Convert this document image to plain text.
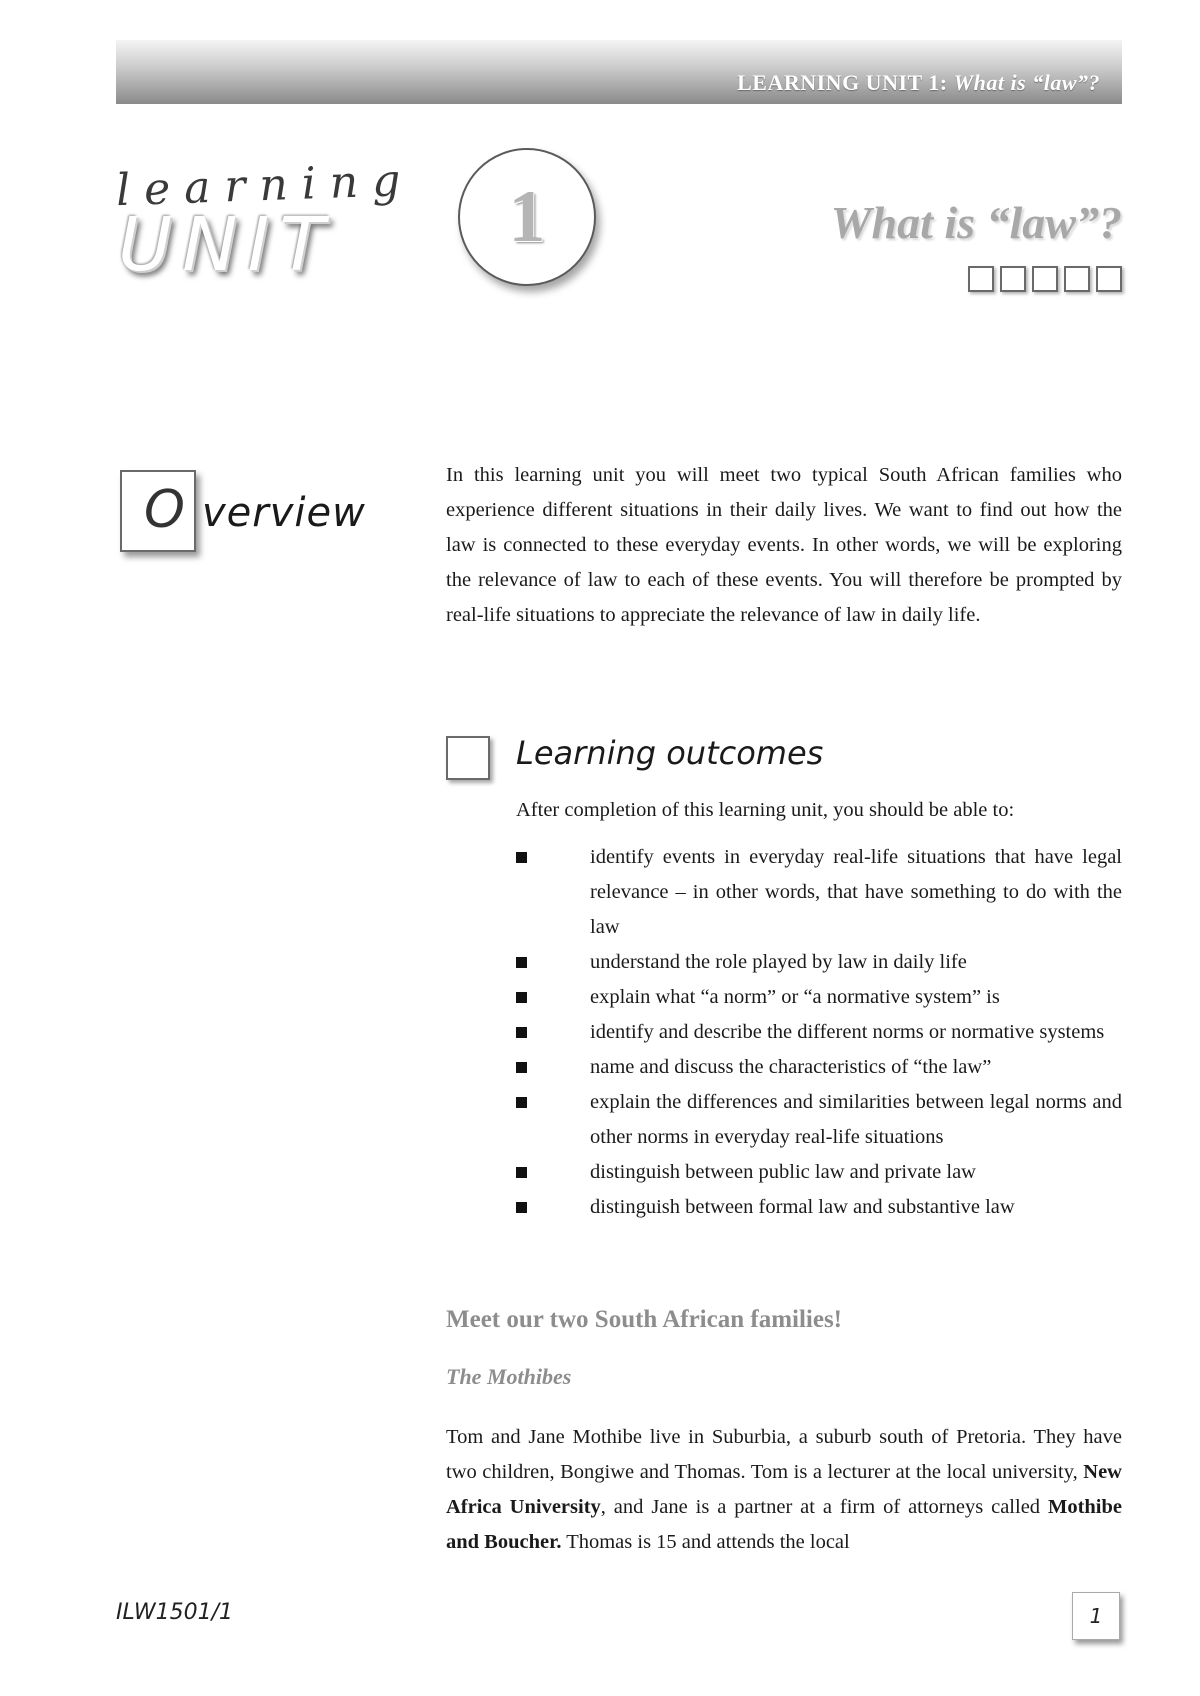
LEARNING UNIT 1: What is “law”?
learning
UNIT 1	What is “law”?
O verview

In this learning unit you will meet two typical South African families who experience different situations in their daily lives. We want to find out how the law is connected to these everyday events. In other words, we will be exploring the relevance of law to each of these events. You will therefore be prompted by real-life situations to appreciate the relevance of law in daily life.

Learning outcomes

After completion of this learning unit, you should be able to:

identify events in everyday real-life situations that have legal relevance – in other words, that have something to do with the law
understand the role played by law in daily life
explain what “a norm” or “a normative system” is
identify and describe the different norms or normative systems
name and discuss the characteristics of “the law”
explain the differences and similarities between legal norms and other norms in everyday real-life situations
distinguish between public law and private law
distinguish between formal law and substantive law
Meet our two South African families!
The Mothibes

Tom and Jane Mothibe live in Suburbia, a suburb south of Pretoria. They have two children, Bongiwe and Thomas. Tom is a lecturer at the local university, New Africa University, and Jane is a partner at a firm of attorneys called Mothibe and Boucher. Thomas is 15 and attends the local

ILW1501/1	1
